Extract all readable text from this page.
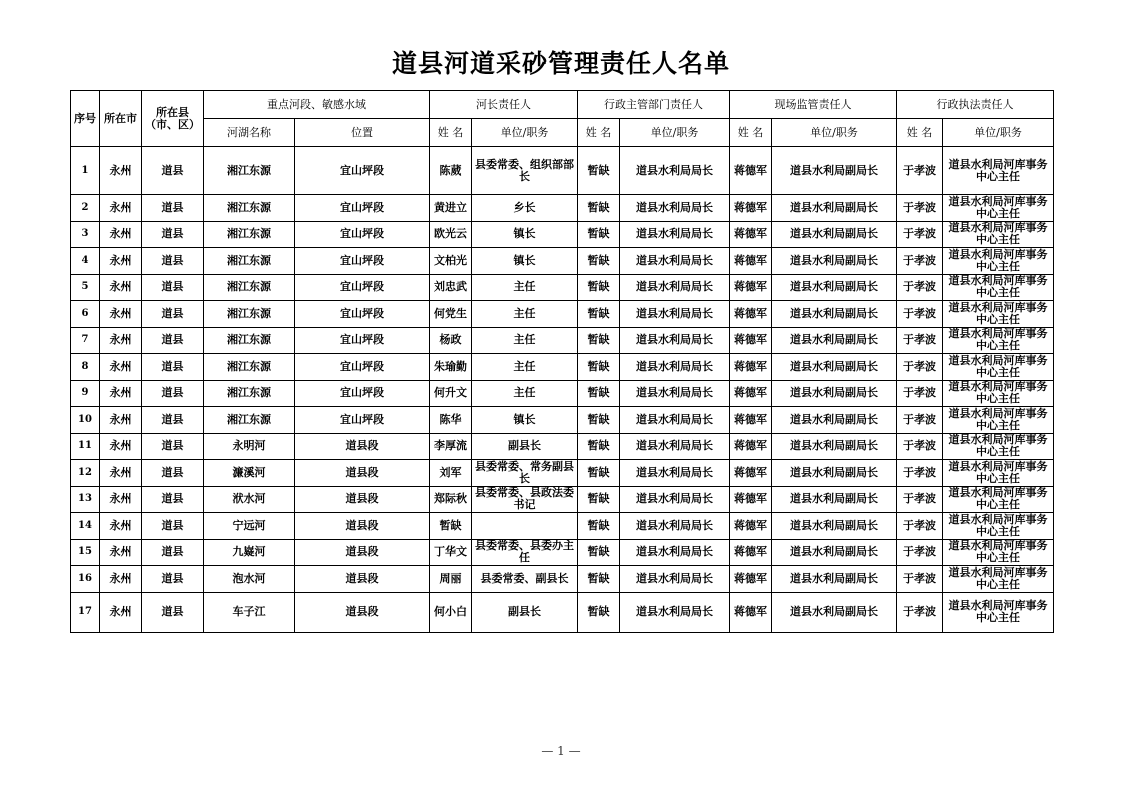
道县河道采砂管理责任人名单
序号	所在市	所在县
（市、区）	重点河段、敏感水域		河长责任人		行政主管部门责任人		现场监管责任人		行政执法责任人	
			河湖名称	位置	姓 名	单位/职务	姓 名	单位/职务	姓 名	单位/职务	姓 名	单位/职务
1	永州	道县	湘江东源	宜山坪段	陈葳	县委常委、组织部部长	暂缺	道县水利局局长	蒋德军	道县水利局副局长	于孝波	道县水利局河库事务中心主任
2	永州	道县	湘江东源	宜山坪段	黄进立	乡长	暂缺	道县水利局局长	蒋德军	道县水利局副局长	于孝波	道县水利局河库事务中心主任
3	永州	道县	湘江东源	宜山坪段	欧光云	镇长	暂缺	道县水利局局长	蒋德军	道县水利局副局长	于孝波	道县水利局河库事务中心主任
4	永州	道县	湘江东源	宜山坪段	文柏光	镇长	暂缺	道县水利局局长	蒋德军	道县水利局副局长	于孝波	道县水利局河库事务中心主任
5	永州	道县	湘江东源	宜山坪段	刘忠武	主任	暂缺	道县水利局局长	蒋德军	道县水利局副局长	于孝波	道县水利局河库事务中心主任
6	永州	道县	湘江东源	宜山坪段	何党生	主任	暂缺	道县水利局局长	蒋德军	道县水利局副局长	于孝波	道县水利局河库事务中心主任
7	永州	道县	湘江东源	宜山坪段	杨政	主任	暂缺	道县水利局局长	蒋德军	道县水利局副局长	于孝波	道县水利局河库事务中心主任
8	永州	道县	湘江东源	宜山坪段	朱瑜勤	主任	暂缺	道县水利局局长	蒋德军	道县水利局副局长	于孝波	道县水利局河库事务中心主任
9	永州	道县	湘江东源	宜山坪段	何升文	主任	暂缺	道县水利局局长	蒋德军	道县水利局副局长	于孝波	道县水利局河库事务中心主任
10	永州	道县	湘江东源	宜山坪段	陈华	镇长	暂缺	道县水利局局长	蒋德军	道县水利局副局长	于孝波	道县水利局河库事务中心主任
11	永州	道县	永明河	道县段	李厚流	副县长	暂缺	道县水利局局长	蒋德军	道县水利局副局长	于孝波	道县水利局河库事务中心主任
12	永州	道县	濂溪河	道县段	刘军	县委常委、常务副县长	暂缺	道县水利局局长	蒋德军	道县水利局副局长	于孝波	道县水利局河库事务中心主任
13	永州	道县	洑水河	道县段	郑际秋	县委常委、县政法委书记	暂缺	道县水利局局长	蒋德军	道县水利局副局长	于孝波	道县水利局河库事务中心主任
14	永州	道县	宁远河	道县段	暂缺		暂缺	道县水利局局长	蒋德军	道县水利局副局长	于孝波	道县水利局河库事务中心主任
15	永州	道县	九嶷河	道县段	丁华文	县委常委、县委办主任	暂缺	道县水利局局长	蒋德军	道县水利局副局长	于孝波	道县水利局河库事务中心主任
16	永州	道县	泡水河	道县段	周丽	县委常委、副县长	暂缺	道县水利局局长	蒋德军	道县水利局副局长	于孝波	道县水利局河库事务中心主任
17	永州	道县	车子江	道县段	何小白	副县长	暂缺	道县水利局局长	蒋德军	道县水利局副局长	于孝波	道县水利局河库事务中心主任
— 1 —
